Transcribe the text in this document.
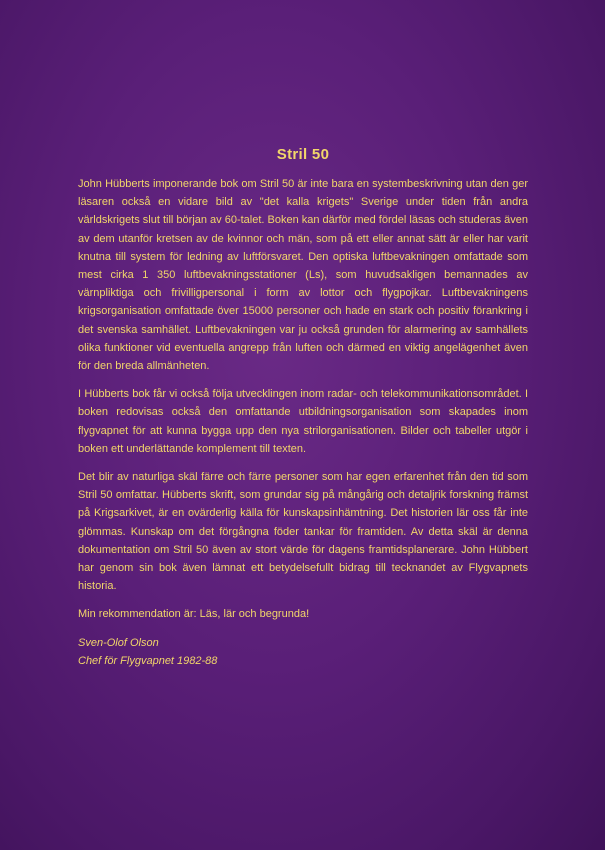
Stril 50

John Hübberts imponerande bok om Stril 50 är inte bara en systembeskrivning utan den ger läsaren också en vidare bild av "det kalla krigets" Sverige under tiden från andra världskrigets slut till början av 60-talet. Boken kan därför med fördel läsas och studeras även av dem utanför kretsen av de kvinnor och män, som på ett eller annat sätt är eller har varit knutna till system för ledning av luftförsvaret. Den optiska luftbevakningen omfattade som mest cirka 1 350 luftbevakningsstationer (Ls), som huvudsakligen bemannades av värnpliktiga och frivilligpersonal i form av lottor och flygpojkar. Luftbevakningens krigsorganisation omfattade över 15000 personer och hade en stark och positiv förankring i det svenska samhället. Luftbevakningen var ju också grunden för alarmering av samhällets olika funktioner vid eventuella angrepp från luften och därmed en viktig angelägenhet även för den breda allmänheten.

I Hübberts bok får vi också följa utvecklingen inom radar- och telekommunikationsområdet. I boken redovisas också den omfattande utbildningsorganisation som skapades inom flygvapnet för att kunna bygga upp den nya strilorganisationen. Bilder och tabeller utgör i boken ett underlättande komplement till texten.

Det blir av naturliga skäl färre och färre personer som har egen erfarenhet från den tid som Stril 50 omfattar. Hübberts skrift, som grundar sig på mångårig och detaljrik forskning främst på Krigsarkivet, är en ovärderlig källa för kunskapsinhämtning. Det historien lär oss får inte glömmas. Kunskap om det förgångna föder tankar för framtiden. Av detta skäl är denna dokumentation om Stril 50 även av stort värde för dagens framtidsplanerare. John Hübbert har genom sin bok även lämnat ett betydelsefullt bidrag till tecknandet av Flygvapnets historia.

Min rekommendation är: Läs, lär och begrunda!

Sven-Olof Olson

Chef för Flygvapnet 1982-88
